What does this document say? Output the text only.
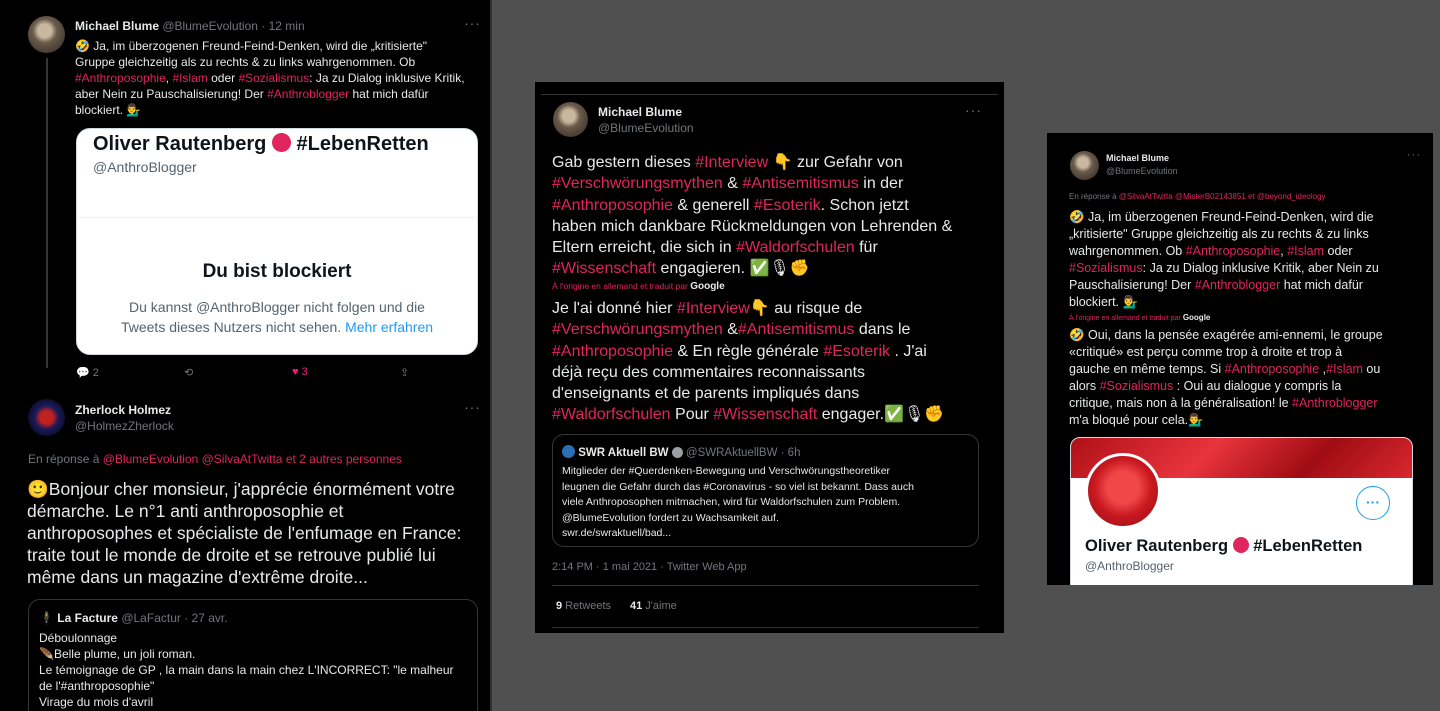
Michael Blume @BlumeEvolution · 12 min	···
🤣 Ja, im überzogenen Freund-Feind-Denken, wird die „kritisierte"
Gruppe gleichzeitig als zu rechts & zu links wahrgenommen. Ob
#Anthroposophie, #Islam oder #Sozialismus: Ja zu Dialog inklusive Kritik,
aber Nein zu Pauschalisierung! Der #Anthroblogger hat mich dafür
blockiert. 💁‍♂️
Oliver Rautenberg  #LebenRetten
@AnthroBlogger
Du bist blockiert
Du kannst @AnthroBlogger nicht folgen und die
Tweets dieses Nutzers nicht sehen. Mehr erfahren
💬 2	⟲	♥ 3	⇪
Zherlock Holmez
@HolmezZherlock
···
En réponse à @BlumeEvolution @SilvaAtTwitta et 2 autres personnes
🙂Bonjour cher monsieur, j'apprécie énormément votre
démarche. Le n°1 anti anthroposophie et
anthroposophes et spécialiste de l'enfumage en France:
traite tout le monde de droite et se retrouve publié lui
même dans un magazine d'extrême droite...
🕴 La Facture @LaFactur · 27 avr.
Déboulonnage
🪶Belle plume, un joli roman.
Le témoignage de GP , la main dans la main chez L'INCORRECT: "le malheur
de l'#anthroposophie"
Virage du mois d'avril
Michael Blume
@BlumeEvolution
···
Gab gestern dieses #Interview 👇 zur Gefahr von
#Verschwörungsmythen & #Antisemitismus in der
#Anthroposophie & generell #Esoterik. Schon jetzt
haben mich dankbare Rückmeldungen von Lehrenden &
Eltern erreicht, die sich in #Waldorfschulen für
#Wissenschaft engagieren. ✅🎙✊
À l'origine en allemand et traduit par Google
Je l'ai donné hier #Interview👇 au risque de
#Verschwörungsmythen &#Antisemitismus dans le
#Anthroposophie & En règle générale #Esoterik . J'ai
déjà reçu des commentaires reconnaissants
d'enseignants et de parents impliqués dans
#Waldorfschulen Pour #Wissenschaft engager.✅🎙✊
SWR Aktuell BW @SWRAktuellBW · 6h
Mitglieder der #Querdenken-Bewegung und Verschwörungstheoretiker
leugnen die Gefahr durch das #Coronavirus - so viel ist bekannt. Dass auch
viele Anthroposophen mitmachen, wird für Waldorfschulen zum Problem.
@BlumeEvolution fordert zu Wachsamkeit auf.
swr.de/swraktuell/bad...
2:14 PM · 1 mai 2021 · Twitter Web App
9 Retweets 41 J'aime
Michael Blume
@BlumeEvolution
···
En réponse à @SilvaAtTwitta @MisterB02143851 et @beyond_ideology
🤣 Ja, im überzogenen Freund-Feind-Denken, wird die
„kritisierte" Gruppe gleichzeitig als zu rechts & zu links
wahrgenommen. Ob #Anthroposophie, #Islam oder
#Sozialismus: Ja zu Dialog inklusive Kritik, aber Nein zu
Pauschalisierung! Der #Anthroblogger hat mich dafür
blockiert. 💁‍♂️
À l'origine en allemand et traduit par Google
🤣 Oui, dans la pensée exagérée ami-ennemi, le groupe
«critiqué» est perçu comme trop à droite et trop à
gauche en même temps. Si #Anthroposophie ,#Islam ou
alors #Sozialismus : Oui au dialogue y compris la
critique, mais non à la généralisation! le #Anthroblogger
m'a bloqué pour cela.💁‍♂️
···
Oliver Rautenberg  #LebenRetten
@AnthroBlogger
